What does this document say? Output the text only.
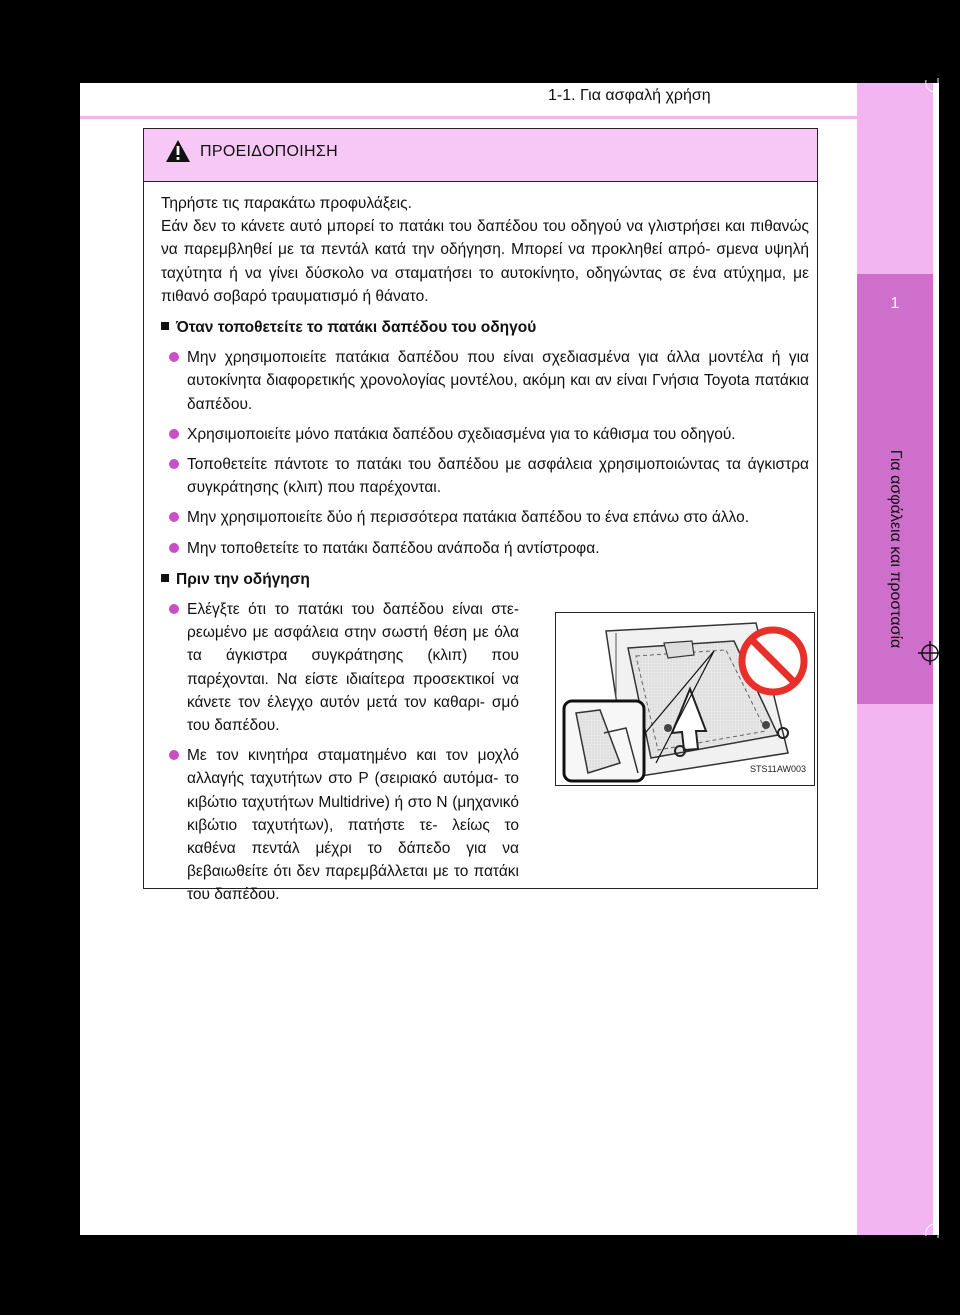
1-1. Για ασφαλή χρήση
1
Για ασφάλεια και προστασία
ΠΡΟΕΙΔΟΠΟΙΗΣΗ
Τηρήστε τις παρακάτω προφυλάξεις.
Εάν δεν το κάνετε αυτό μπορεί το πατάκι του δαπέδου του οδηγού να γλιστρήσει και πιθανώς να παρεμβληθεί με τα πεντάλ κατά την οδήγηση. Μπορεί να προκληθεί απρό- σμενα υψηλή ταχύτητα ή να γίνει δύσκολο να σταματήσει το αυτοκίνητο, οδηγώντας σε ένα ατύχημα, με πιθανό σοβαρό τραυματισμό ή θάνατο.
Όταν τοποθετείτε το πατάκι δαπέδου του οδηγού
Μην χρησιμοποιείτε πατάκια δαπέδου που είναι σχεδιασμένα για άλλα μοντέλα ή για αυτοκίνητα διαφορετικής χρονολογίας μοντέλου, ακόμη και αν είναι Γνήσια Toyota πατάκια δαπέδου.
Χρησιμοποιείτε μόνο πατάκια δαπέδου σχεδιασμένα για το κάθισμα του οδηγού.
Τοποθετείτε πάντοτε το πατάκι του δαπέδου με ασφάλεια χρησιμοποιώντας τα άγκιστρα συγκράτησης (κλιπ) που παρέχονται.
Μην χρησιμοποιείτε δύο ή περισσότερα πατάκια δαπέδου το ένα επάνω στο άλλο.
Μην τοποθετείτε το πατάκι δαπέδου ανάποδα ή αντίστροφα.
Πριν την οδήγηση
Ελέγξτε ότι το πατάκι του δαπέδου είναι στε- ρεωμένο με ασφάλεια στην σωστή θέση με όλα τα άγκιστρα συγκράτησης (κλιπ) που παρέχονται. Να είστε ιδιαίτερα προσεκτικοί να κάνετε τον έλεγχο αυτόν μετά τον καθαρι- σμό του δαπέδου.
Με τον κινητήρα σταματημένο και τον μοχλό αλλαγής ταχυτήτων στο P (σειριακό αυτόμα- το κιβώτιο ταχυτήτων Multidrive) ή στο N (μηχανικό κιβώτιο ταχυτήτων), πατήστε τε- λείως το καθένα πεντάλ μέχρι το δάπεδο για να βεβαιωθείτε ότι δεν παρεμβάλλεται με το πατάκι του δαπέδου.
STS11AW003
